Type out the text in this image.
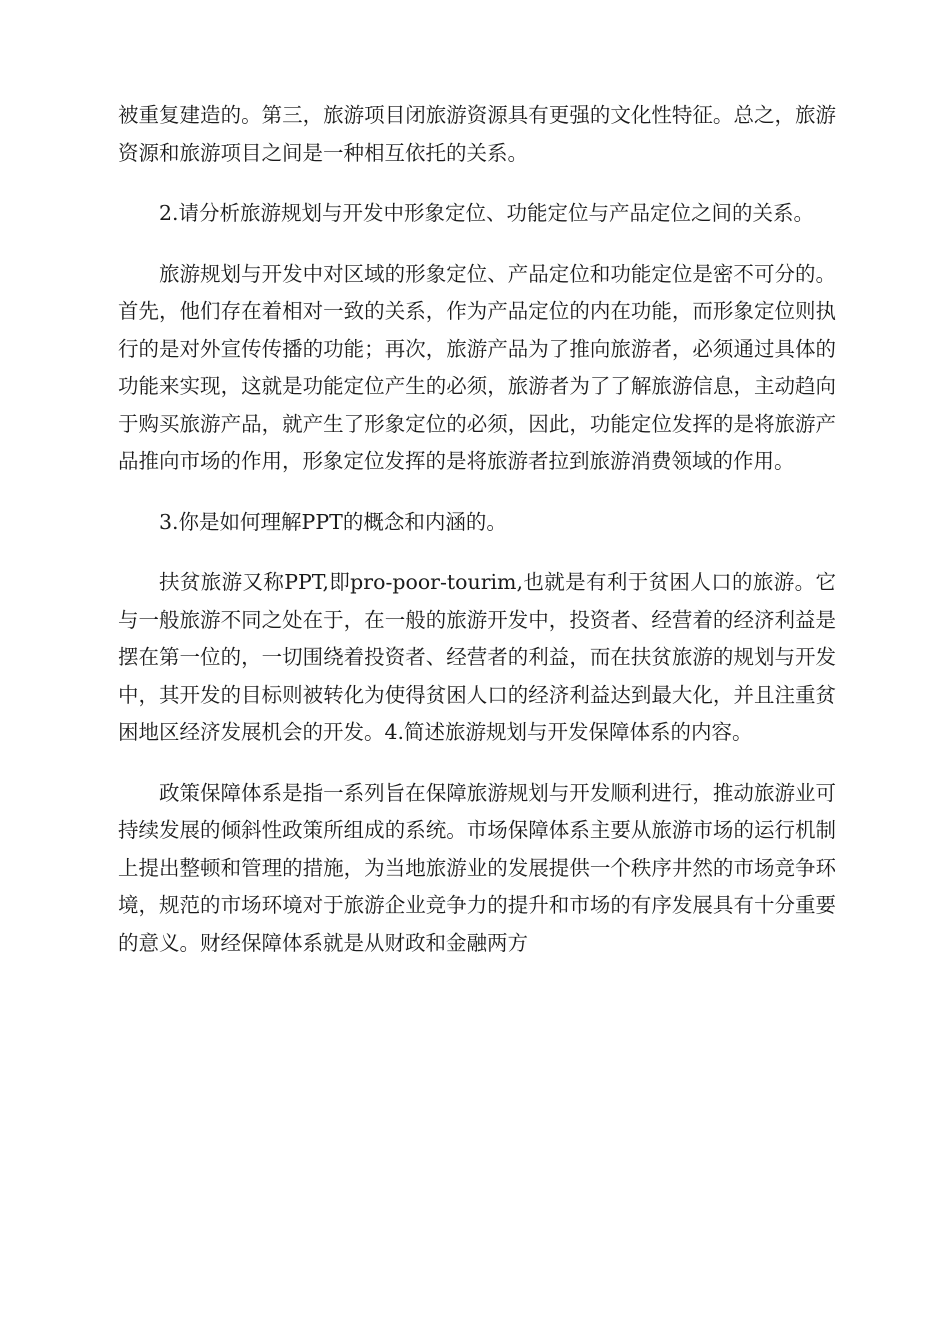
被重复建造的。第三，旅游项目闭旅游资源具有更强的文化性特征。总之，旅游资源和旅游项目之间是一种相互依托的关系。

2.请分析旅游规划与开发中形象定位、功能定位与产品定位之间的关系。

旅游规划与开发中对区域的形象定位、产品定位和功能定位是密不可分的。首先，他们存在着相对一致的关系，作为产品定位的内在功能，而形象定位则执行的是对外宣传传播的功能；再次，旅游产品为了推向旅游者，必须通过具体的功能来实现，这就是功能定位产生的必须，旅游者为了了解旅游信息，主动趋向于购买旅游产品，就产生了形象定位的必须，因此，功能定位发挥的是将旅游产品推向市场的作用，形象定位发挥的是将旅游者拉到旅游消费领域的作用。

3.你是如何理解PPT的概念和内涵的。

扶贫旅游又称PPT,即pro-poor-tourim,也就是有利于贫困人口的旅游。它与一般旅游不同之处在于，在一般的旅游开发中，投资者、经营着的经济利益是摆在第一位的，一切围绕着投资者、经营者的利益，而在扶贫旅游的规划与开发中，其开发的目标则被转化为使得贫困人口的经济利益达到最大化，并且注重贫困地区经济发展机会的开发。4.简述旅游规划与开发保障体系的内容。

政策保障体系是指一系列旨在保障旅游规划与开发顺利进行，推动旅游业可持续发展的倾斜性政策所组成的系统。市场保障体系主要从旅游市场的运行机制上提出整顿和管理的措施，为当地旅游业的发展提供一个秩序井然的市场竞争环境，规范的市场环境对于旅游企业竞争力的提升和市场的有序发展具有十分重要的意义。财经保障体系就是从财政和金融两方
